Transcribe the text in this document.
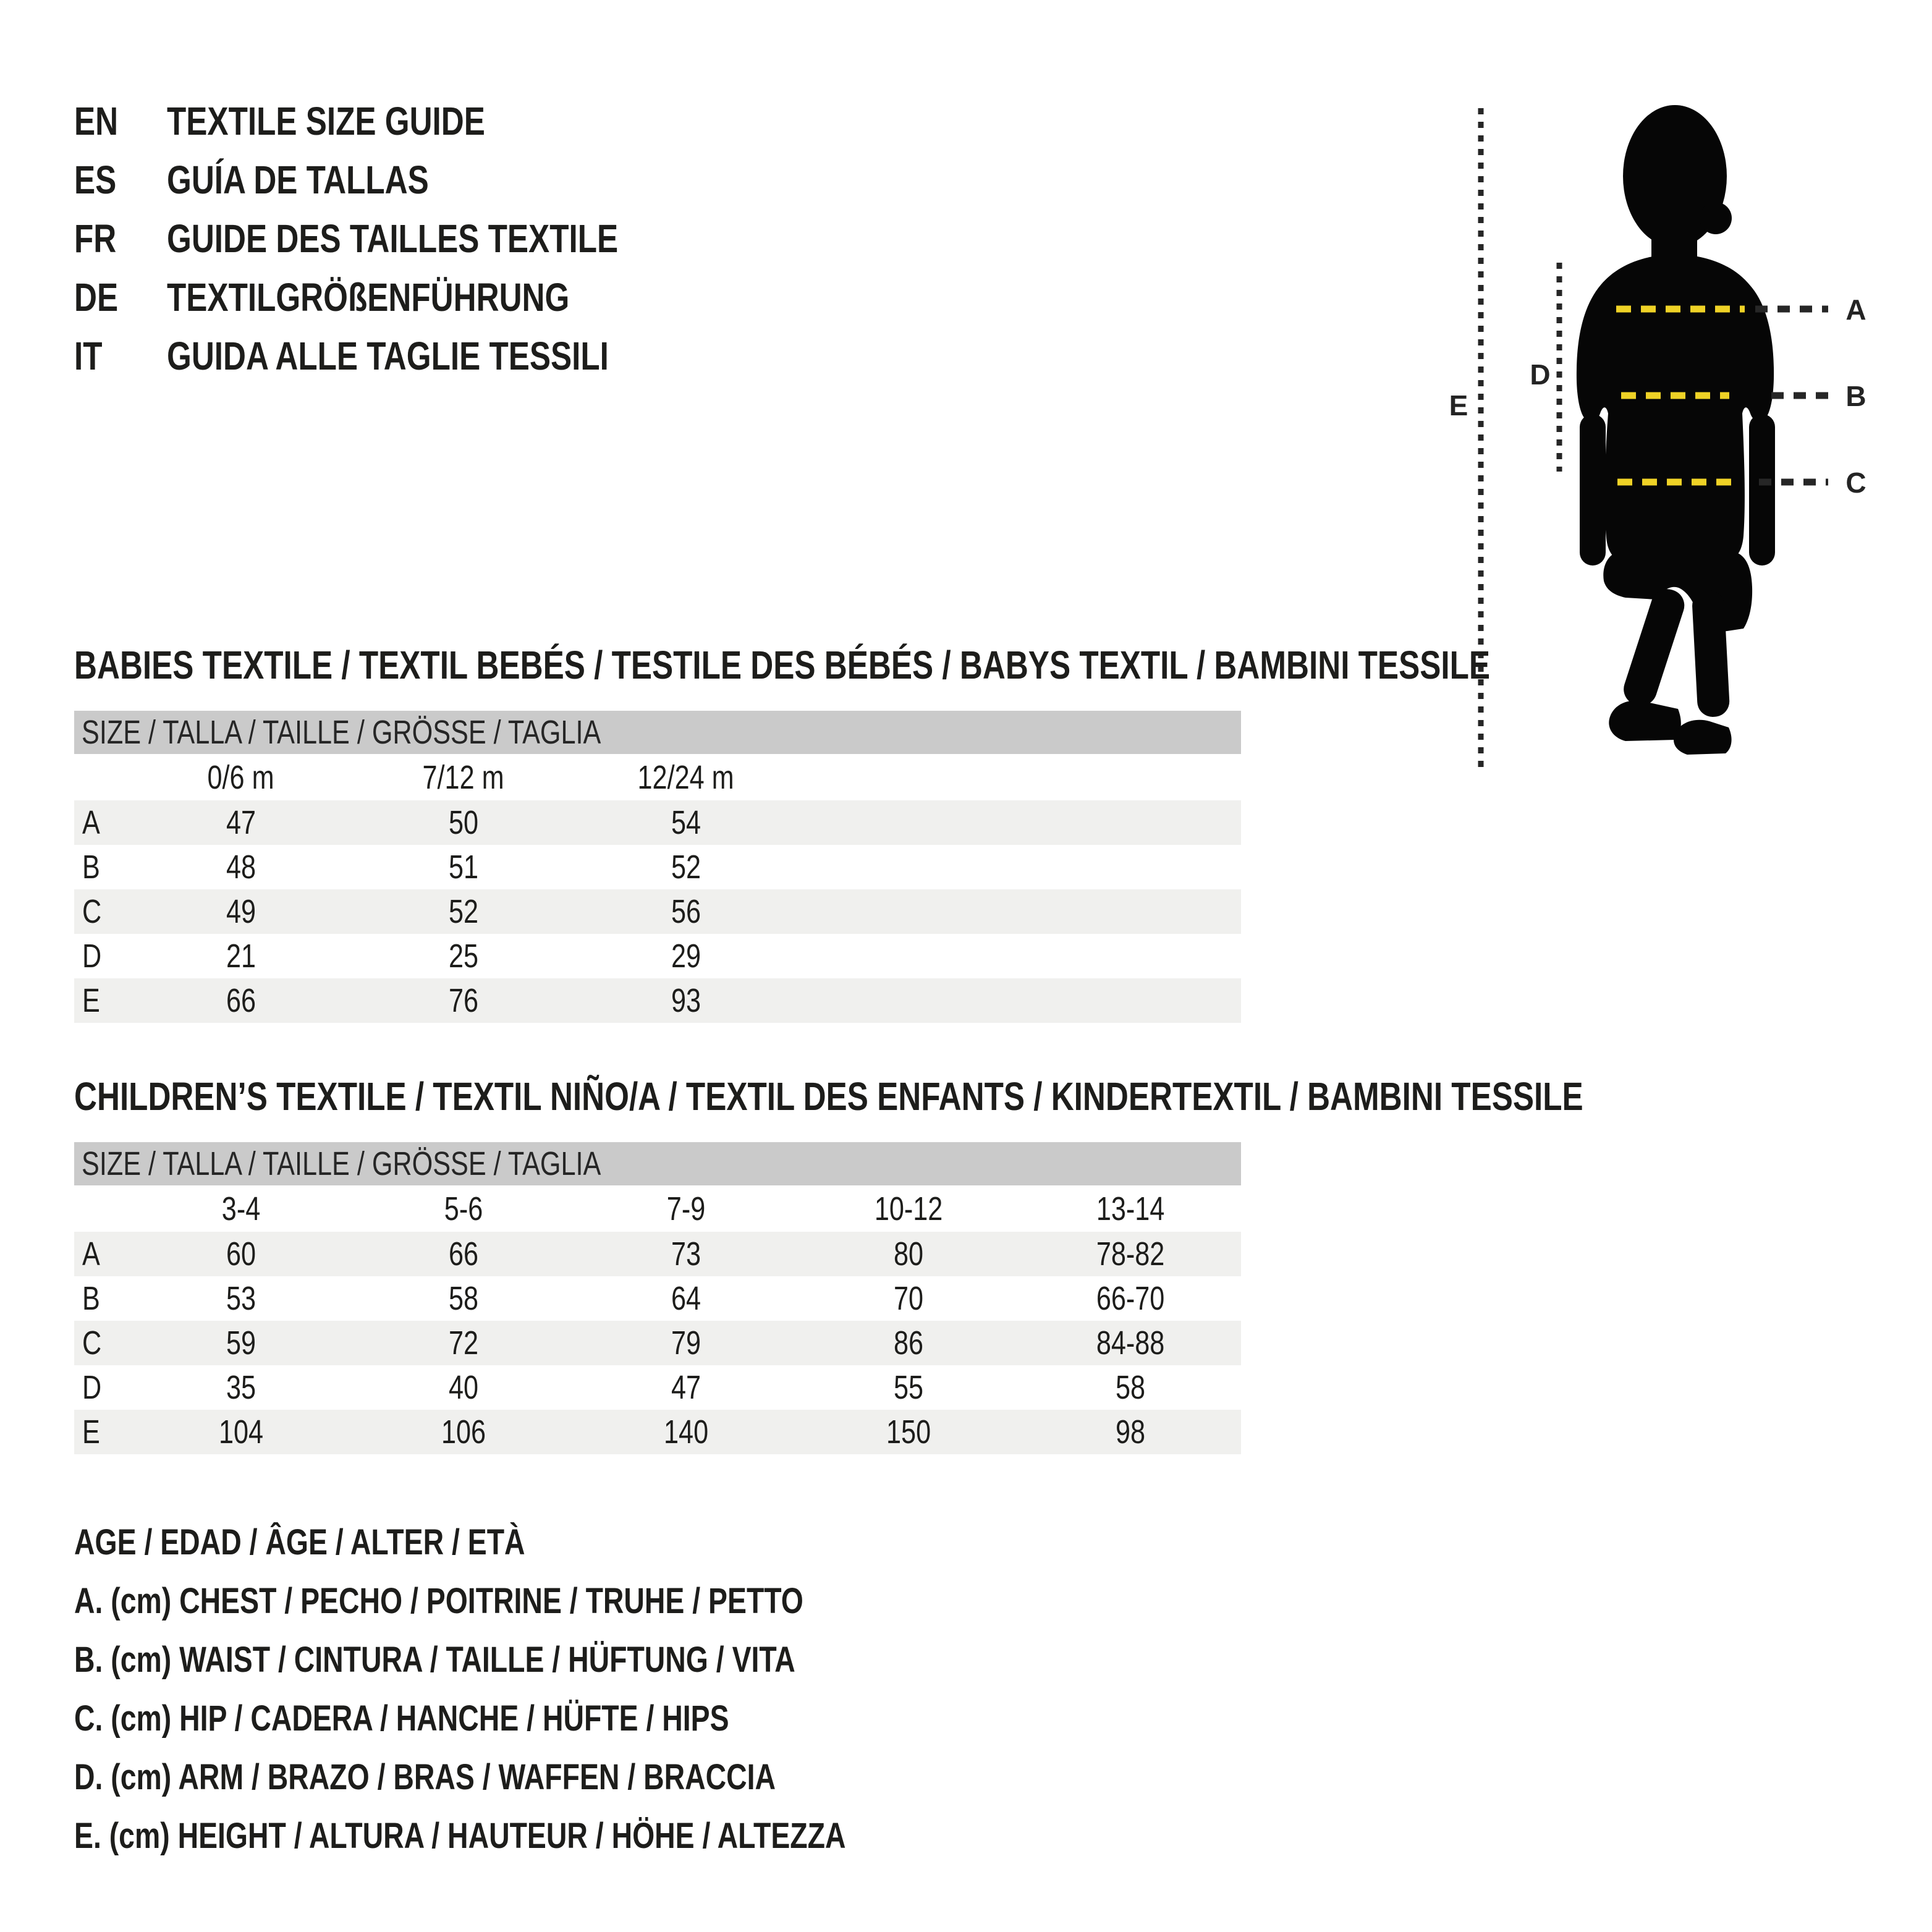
EN	TEXTILE SIZE GUIDE
ES	GUÍA DE TALLAS
FR	GUIDE DES TAILLES TEXTILE
DE	TEXTILGRÖßENFÜHRUNG
IT	GUIDA ALLE TAGLIE TESSILI
A
B
C
D
E
BABIES TEXTILE / TEXTIL BEBÉS / TESTILE DES BÉBÉS / BABYS TEXTIL / BAMBINI TESSILE
SIZE / TALLA / TAILLE / GRÖSSE / TAGLIA					
	0/6 m	7/12 m	12/24 m		
A	47	50	54		
B	48	51	52		
C	49	52	56		
D	21	25	29		
E	66	76	93		
CHILDREN’S TEXTILE / TEXTIL NIÑO/A / TEXTIL DES ENFANTS / KINDERTEXTIL / BAMBINI TESSILE
SIZE / TALLA / TAILLE / GRÖSSE / TAGLIA					
	3-4	5-6	7-9	10-12	13-14
A	60	66	73	80	78-82
B	53	58	64	70	66-70
C	59	72	79	86	84-88
D	35	40	47	55	58
E	104	106	140	150	98
AGE / EDAD / ÂGE / ALTER / ETÀ
A. (cm) CHEST / PECHO / POITRINE / TRUHE / PETTO
B. (cm) WAIST / CINTURA / TAILLE / HÜFTUNG / VITA
C. (cm) HIP / CADERA / HANCHE / HÜFTE / HIPS
D. (cm) ARM / BRAZO / BRAS / WAFFEN / BRACCIA
E. (cm) HEIGHT / ALTURA / HAUTEUR / HÖHE / ALTEZZA
